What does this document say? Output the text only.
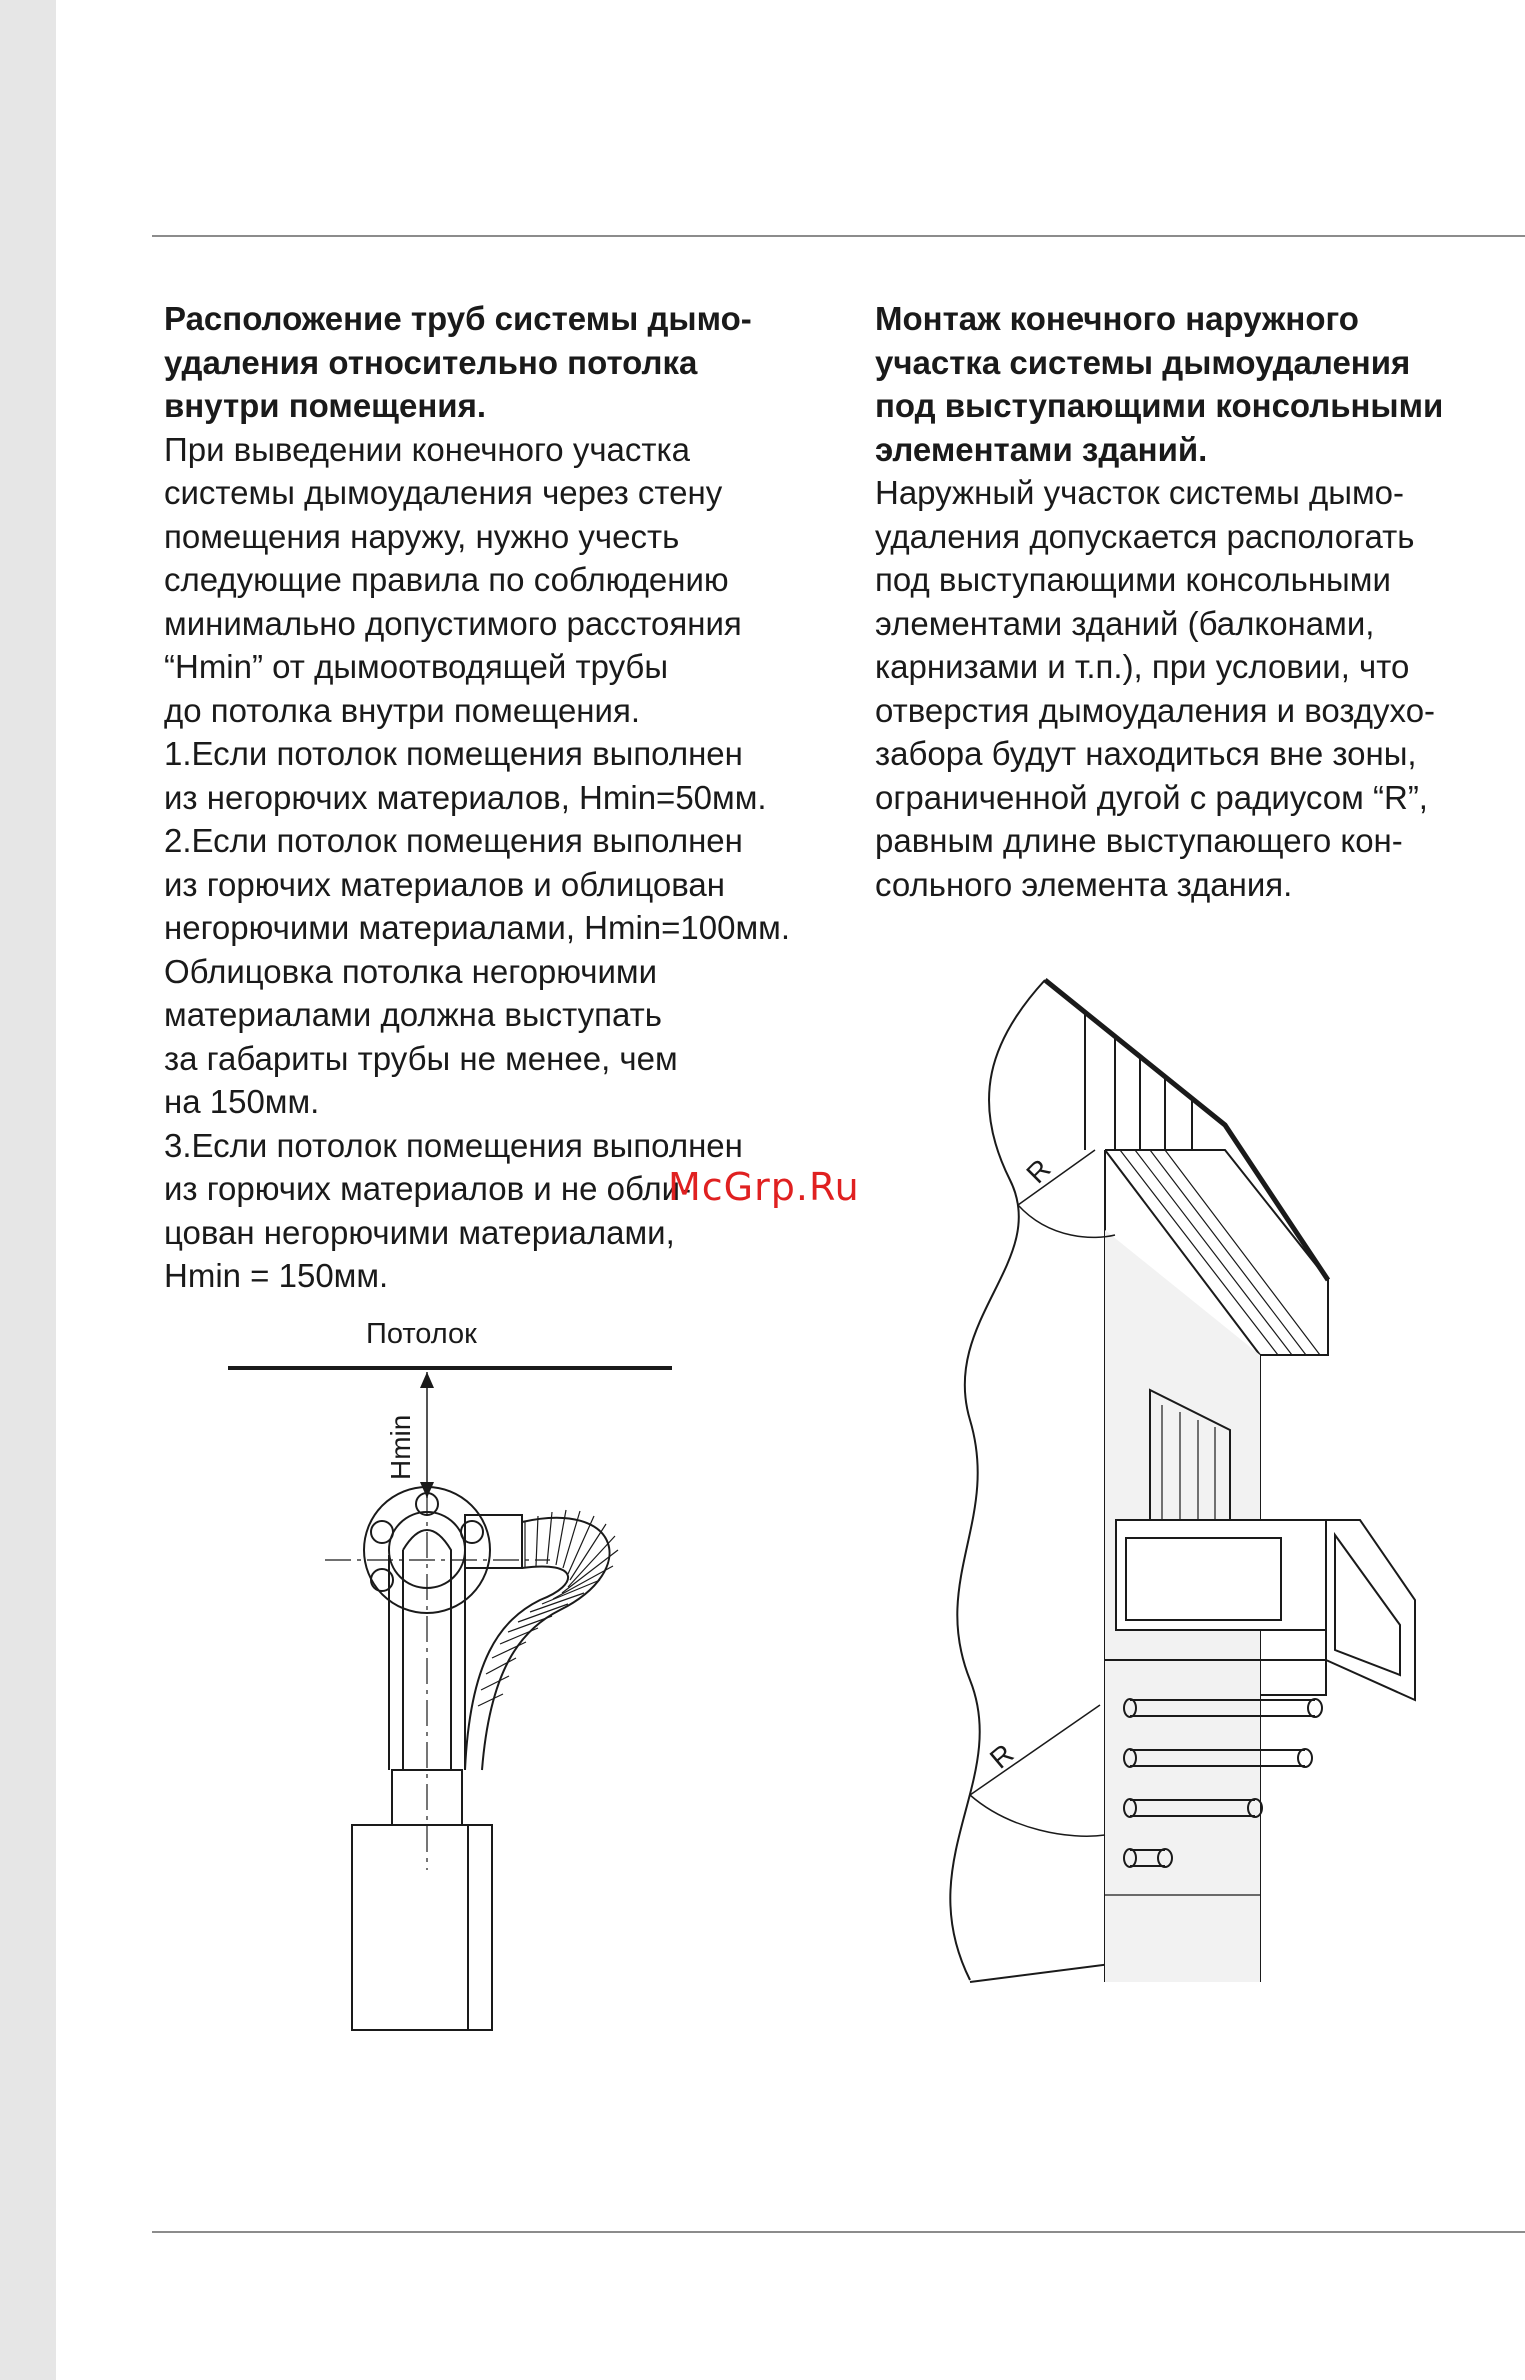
Расположение труб системы дымо-
удаления относительно потолка
внутри помещения.
При выведении конечного участка
системы дымоудаления через стену
помещения наружу, нужно учесть
следующие правила по соблюдению
минимально допустимого расстояния
“Hmin” от дымоотводящей трубы
до потолка внутри помещения.
1.Если потолок помещения выполнен
из негорючих материалов, Hmin=50мм.
2.Если потолок помещения выполнен
из горючих материалов и облицован
негорючими материалами, Hmin=100мм.
Облицовка потолка негорючими
материалами должна выступать
за габариты трубы не менее, чем
на 150мм.
3.Если потолок помещения выполнен
из горючих материалов и не обли-
цован негорючими материалами,
Hmin = 150мм.
Монтаж конечного наружного
участка системы дымоудаления
под выступающими консольными
элементами зданий.
Наружный участок системы дымо-
удаления допускается распологать
под выступающими консольными
элементами зданий (балконами,
карнизами и т.п.), при условии, что
отверстия дымоудаления и воздухо-
забора будут находиться вне зоны,
ограниченной дугой с радиусом “R”,
равным длине выступающего кон-
сольного элемента здания.
McGrp.Ru
Потолок
Hmin
R
R
